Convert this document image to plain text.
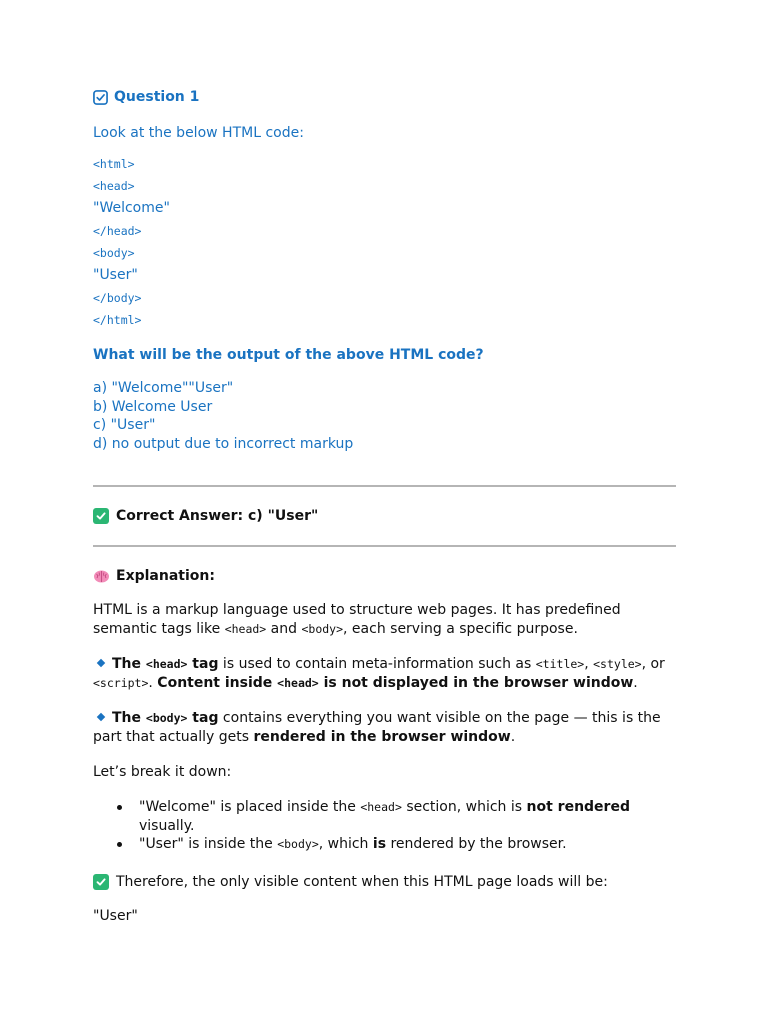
Question 1
Look at the below HTML code:
<html>
<head>
"Welcome"
</head>
<body>
"User"
</body>
</html>
What will be the output of the above HTML code?
a) "Welcome""User"
b) Welcome User
c) "User"
d) no output due to incorrect markup
Correct Answer: c) "User"
Explanation:

HTML is a markup language used to structure web pages. It has predefined semantic tags like <head> and <body>, each serving a specific purpose.

The <head> tag is used to contain meta-information such as <title>, <style>, or <script>. Content inside <head> is not displayed in the browser window.

The <body> tag contains everything you want visible on the page — this is the part that actually gets rendered in the browser window.

Let’s break it down:

"Welcome" is placed inside the <head> section, which is not rendered visually.
"User" is inside the <body>, which is rendered by the browser.
Therefore, the only visible content when this HTML page loads will be:
"User"
